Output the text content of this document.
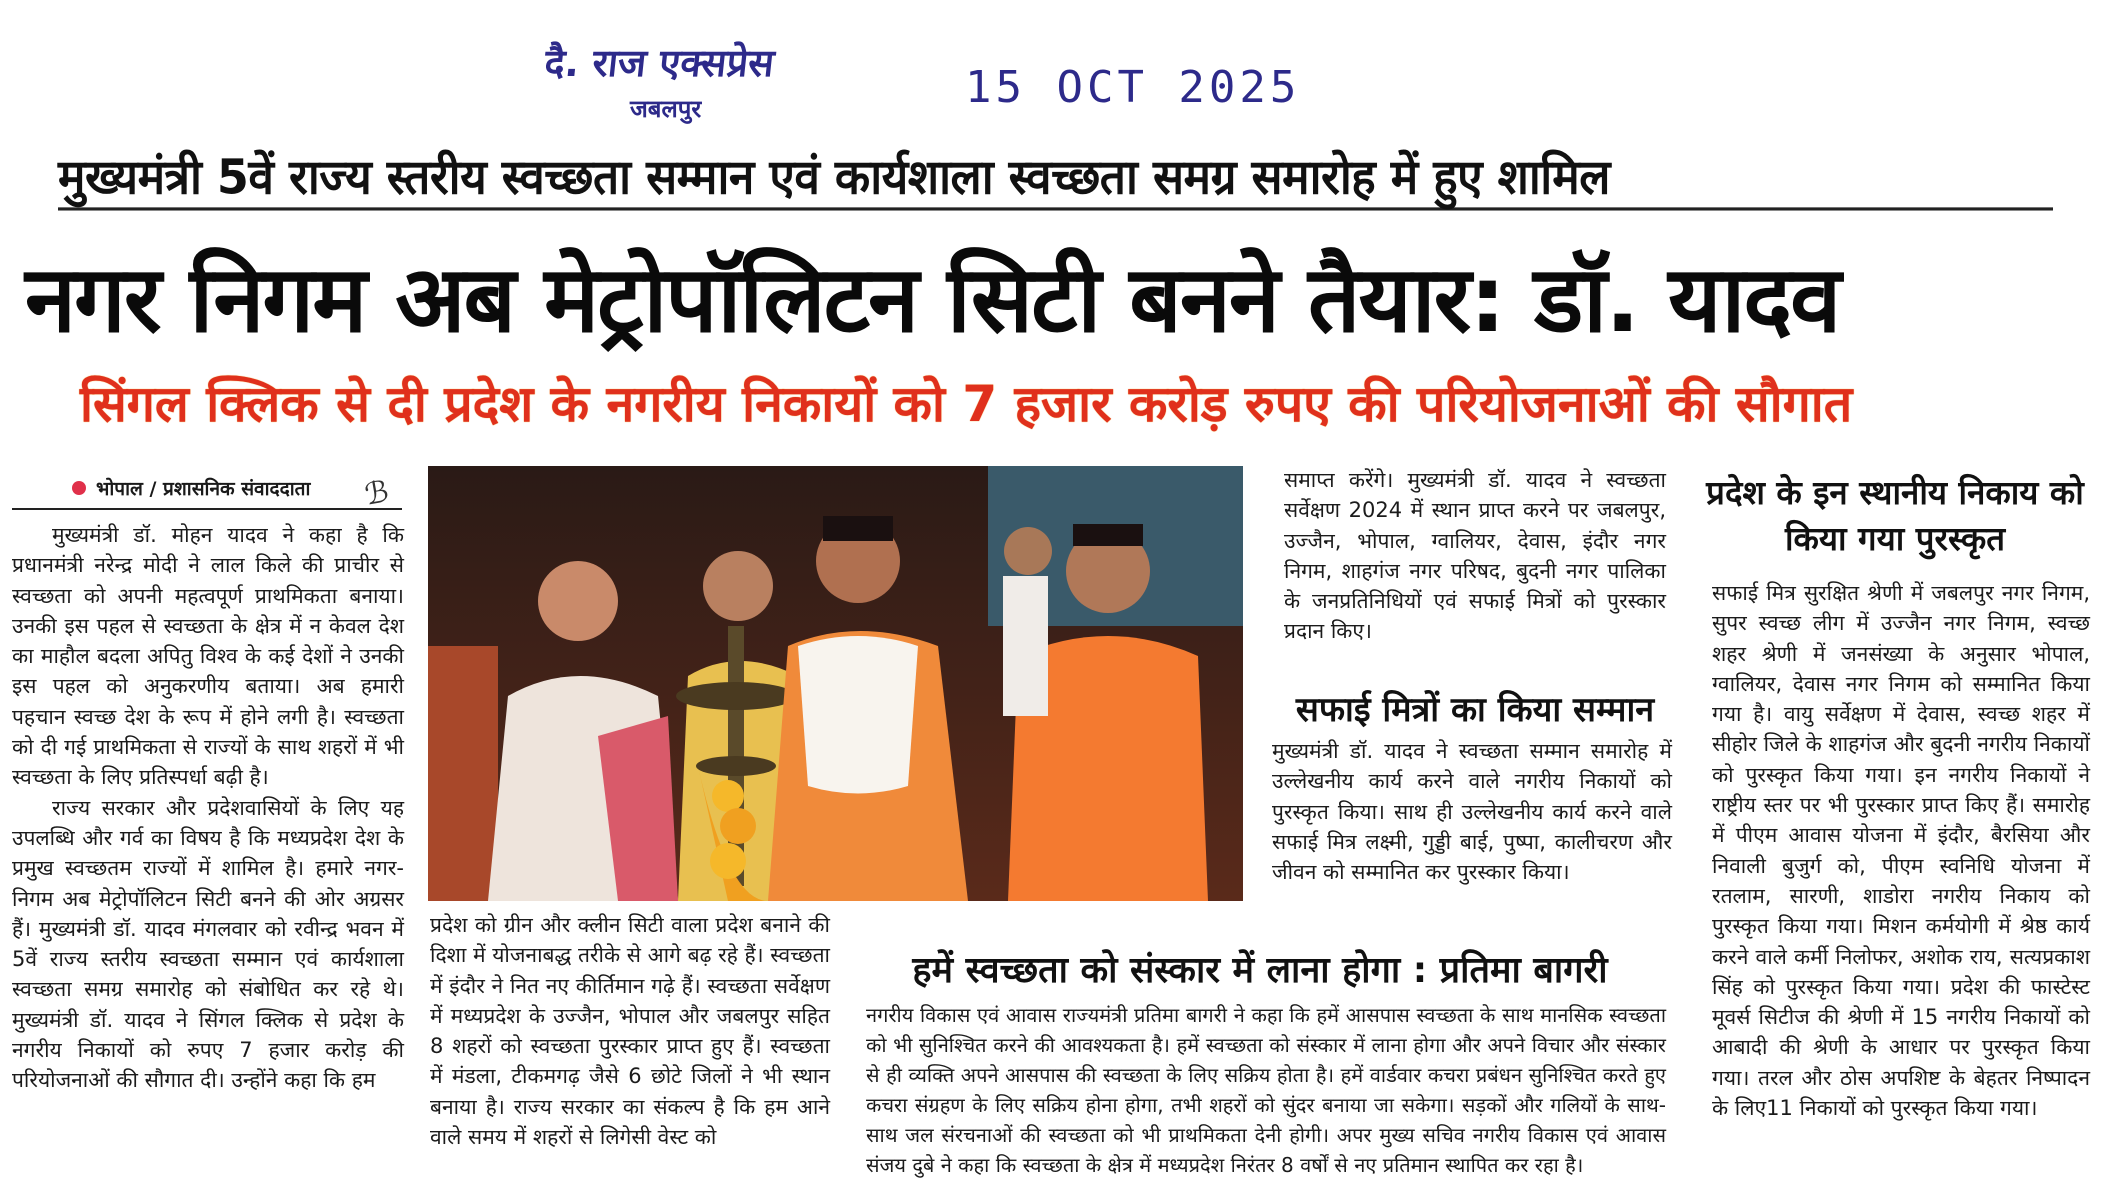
दै. राज एक्सप्रेस
जबलपुर	15 OCT 2025
मुख्यमंत्री 5वें राज्य स्तरीय स्वच्छता सम्मान एवं कार्यशाला स्वच्छता समग्र समारोह में हुए शामिल
नगर निगम अब मेट्रोपॉलिटन सिटी बनने तैयार: डॉ. यादव
सिंगल क्लिक से दी प्रदेश के नगरीय निकायों को 7 हजार करोड़ रुपए की परियोजनाओं की सौगात
भोपाल / प्रशासनिक संवाददाता ℬ

मुख्यमंत्री डॉ. मोहन यादव ने कहा है कि प्रधानमंत्री नरेन्द्र मोदी ने लाल किले की प्राचीर से स्वच्छता को अपनी महत्वपूर्ण प्राथमिकता बनाया। उनकी इस पहल से स्वच्छता के क्षेत्र में न केवल देश का माहौल बदला अपितु विश्व के कई देशों ने उनकी इस पहल को अनुकरणीय बताया। अब हमारी पहचान स्वच्छ देश के रूप में होने लगी है। स्वच्छता को दी गई प्राथमिकता से राज्यों के साथ शहरों में भी स्वच्छता के लिए प्रतिस्पर्धा बढ़ी है।

राज्य सरकार और प्रदेशवासियों के लिए यह उपलब्धि और गर्व का विषय है कि मध्यप्रदेश देश के प्रमुख स्वच्छतम राज्यों में शामिल है। हमारे नगर-निगम अब मेट्रोपॉलिटन सिटी बनने की ओर अग्रसर हैं। मुख्यमंत्री डॉ. यादव मंगलवार को रवीन्द्र भवन में 5वें राज्य स्तरीय स्वच्छता सम्मान एवं कार्यशाला स्वच्छता समग्र समारोह को संबोधित कर रहे थे। मुख्यमंत्री डॉ. यादव ने सिंगल क्लिक से प्रदेश के नगरीय निकायों को रुपए 7 हजार करोड़ की परियोजनाओं की सौगात दी। उन्होंने कहा कि हम

प्रदेश को ग्रीन और क्लीन सिटी वाला प्रदेश बनाने की दिशा में योजनाबद्ध तरीके से आगे बढ़ रहे हैं। स्वच्छता में इंदौर ने नित नए कीर्तिमान गढ़े हैं। स्वच्छता सर्वेक्षण में मध्यप्रदेश के उज्जैन, भोपाल और जबलपुर सहित 8 शहरों को स्वच्छता पुरस्कार प्राप्त हुए हैं। स्वच्छता में मंडला, टीकमगढ़ जैसे 6 छोटे जिलों ने भी स्थान बनाया है। राज्य सरकार का संकल्प है कि हम आने वाले समय में शहरों से लिगेसी वेस्ट को

समाप्त करेंगे। मुख्यमंत्री डॉ. यादव ने स्वच्छता सर्वेक्षण 2024 में स्थान प्राप्त करने पर जबलपुर, उज्जैन, भोपाल, ग्वालियर, देवास, इंदौर नगर निगम, शाहगंज नगर परिषद, बुदनी नगर पालिका के जनप्रतिनिधियों एवं सफाई मित्रों को पुरस्कार प्रदान किए।

सफाई मित्रों का किया सम्मान

मुख्यमंत्री डॉ. यादव ने स्वच्छता सम्मान समारोह में उल्लेखनीय कार्य करने वाले नगरीय निकायों को पुरस्कृत किया। साथ ही उल्लेखनीय कार्य करने वाले सफाई मित्र लक्ष्मी, गुड्डी बाई, पुष्पा, कालीचरण और जीवन को सम्मानित कर पुरस्कार किया।

हमें स्वच्छता को संस्कार में लाना होगा : प्रतिमा बागरी

नगरीय विकास एवं आवास राज्यमंत्री प्रतिमा बागरी ने कहा कि हमें आसपास स्वच्छता के साथ मानसिक स्वच्छता को भी सुनिश्चित करने की आवश्यकता है। हमें स्वच्छता को संस्कार में लाना होगा और अपने विचार और संस्कार से ही व्यक्ति अपने आसपास की स्वच्छता के लिए सक्रिय होता है। हमें वार्डवार कचरा प्रबंधन सुनिश्चित करते हुए कचरा संग्रहण के लिए सक्रिय होना होगा, तभी शहरों को सुंदर बनाया जा सकेगा। सड़कों और गलियों के साथ-साथ जल संरचनाओं की स्वच्छता को भी प्राथमिकता देनी होगी। अपर मुख्य सचिव नगरीय विकास एवं आवास संजय दुबे ने कहा कि स्वच्छता के क्षेत्र में मध्यप्रदेश निरंतर 8 वर्षों से नए प्रतिमान स्थापित कर रहा है।

प्रदेश के इन स्थानीय निकाय को किया गया पुरस्कृत

सफाई मित्र सुरक्षित श्रेणी में जबलपुर नगर निगम, सुपर स्वच्छ लीग में उज्जैन नगर निगम, स्वच्छ शहर श्रेणी में जनसंख्या के अनुसार भोपाल, ग्वालियर, देवास नगर निगम को सम्मानित किया गया है। वायु सर्वेक्षण में देवास, स्वच्छ शहर में सीहोर जिले के शाहगंज और बुदनी नगरीय निकायों को पुरस्कृत किया गया। इन नगरीय निकायों ने राष्ट्रीय स्तर पर भी पुरस्कार प्राप्त किए हैं। समारोह में पीएम आवास योजना में इंदौर, बैरसिया और निवाली बुजुर्ग को, पीएम स्वनिधि योजना में रतलाम, सारणी, शाडोरा नगरीय निकाय को पुरस्कृत किया गया। मिशन कर्मयोगी में श्रेष्ठ कार्य करने वाले कर्मी निलोफर, अशोक राय, सत्यप्रकाश सिंह को पुरस्कृत किया गया। प्रदेश की फास्टेस्ट मूवर्स सिटीज की श्रेणी में 15 नगरीय निकायों को आबादी की श्रेणी के आधार पर पुरस्कृत किया गया। तरल और ठोस अपशिष्ट के बेहतर निष्पादन के लिए11 निकायों को पुरस्कृत किया गया।
